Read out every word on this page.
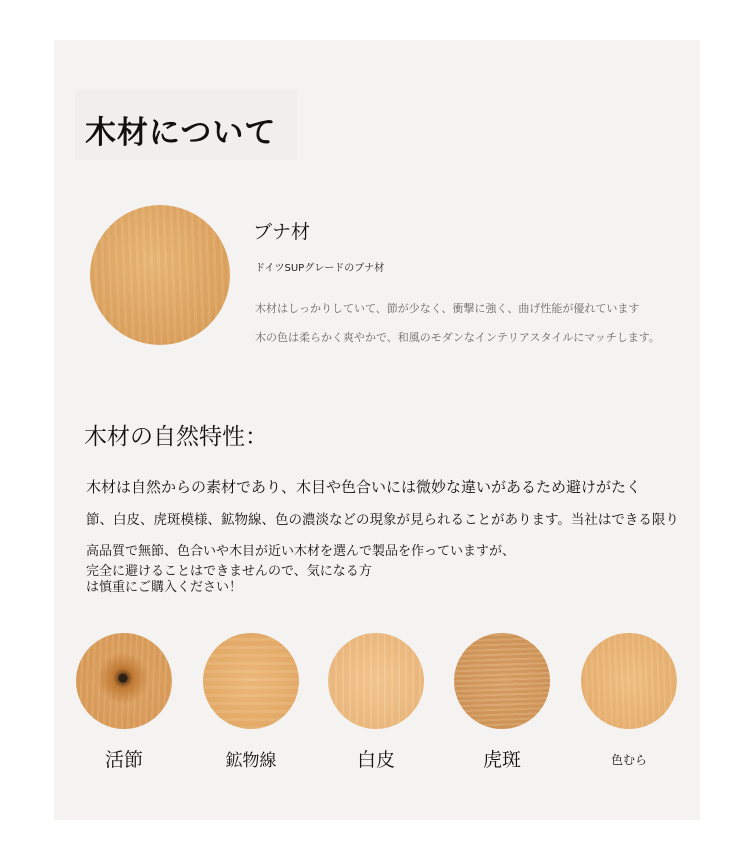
木材について
ブナ材
ドイツSUPグレードのブナ材
木材はしっかりしていて、節が少なく、衝撃に強く、曲げ性能が優れています
木の色は柔らかく爽やかで、和風のモダンなインテリアスタイルにマッチします。
木材の自然特性：
木材は自然からの素材であり、木目や色合いには微妙な違いがあるため避けがたく
節、白皮、虎斑模様、鉱物線、色の濃淡などの現象が見られることがあります。当社はできる限り
高品質で無節、色合いや木目が近い木材を選んで製品を作っていますが、
完全に避けることはできませんので、気になる方
は慎重にご購入ください！
活節	鉱物線	白皮	虎斑	色むら
